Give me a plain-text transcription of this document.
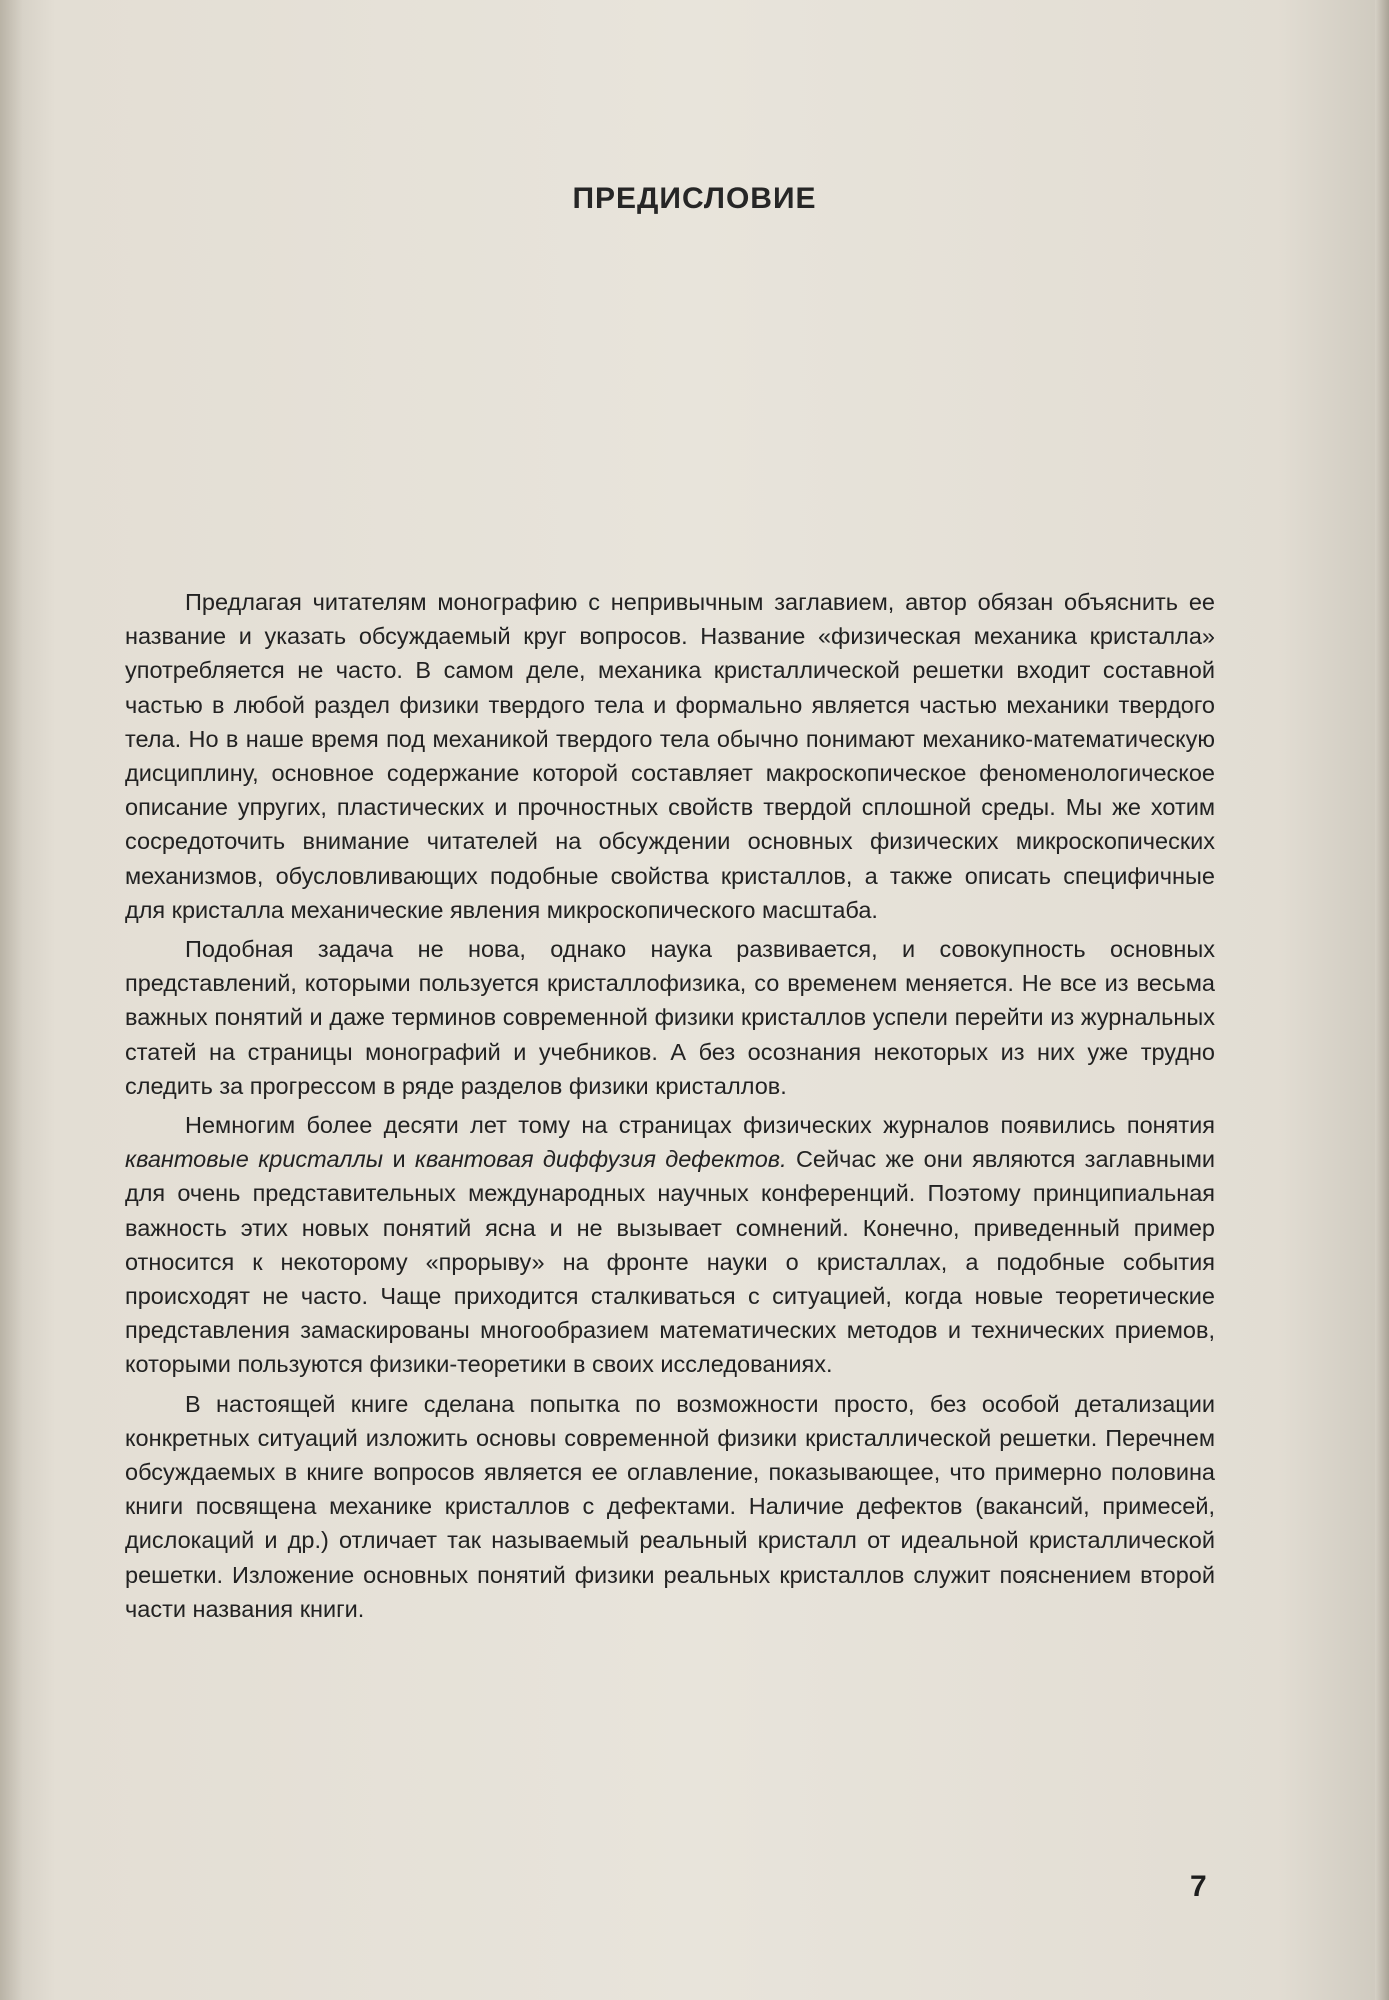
ПРЕДИСЛОВИЕ

Предлагая читателям монографию с непривычным заглавием, автор обязан объяснить ее название и указать обсуждаемый круг вопросов. Название «физическая механика кристалла» употребляется не часто. В самом деле, механика кристаллической решетки входит составной частью в любой раздел физики твердого тела и формально является частью механики твердого тела. Но в наше время под механикой твердого тела обычно понимают механико-математическую дисциплину, основное содержание которой составляет макроскопическое феноменологическое описание упругих, пластических и прочностных свойств твердой сплошной среды. Мы же хотим сосредоточить внимание читателей на обсуждении основных физических микроскопических механизмов, обусловливающих подобные свойства кристаллов, а также описать специфичные для кристалла механические явления микроскопического масштаба.

Подобная задача не нова, однако наука развивается, и совокупность основных представлений, которыми пользуется кристаллофизика, со временем меняется. Не все из весьма важных понятий и даже терминов современной физики кристаллов успели перейти из журнальных статей на страницы монографий и учебников. А без осознания некоторых из них уже трудно следить за прогрессом в ряде разделов физики кристаллов.

Немногим более десяти лет тому на страницах физических журналов появились понятия квантовые кристаллы и квантовая диффузия дефектов. Сейчас же они являются заглавными для очень представительных международных научных конференций. Поэтому принципиальная важность этих новых понятий ясна и не вызывает сомнений. Конечно, приведенный пример относится к некоторому «прорыву» на фронте науки о кристаллах, а подобные события происходят не часто. Чаще приходится сталкиваться с ситуацией, когда новые теоретические представления замаскированы многообразием математических методов и технических приемов, которыми пользуются физики-теоретики в своих исследованиях.

В настоящей книге сделана попытка по возможности просто, без особой детализации конкретных ситуаций изложить основы современной физики кристаллической решетки. Перечнем обсуждаемых в книге вопросов является ее оглавление, показывающее, что примерно половина книги посвящена механике кристаллов с дефектами. Наличие дефектов (вакансий, примесей, дислокаций и др.) отличает так называемый реальный кристалл от идеальной кристаллической решетки. Изложение основных понятий физики реальных кристаллов служит пояснением второй части названия книги.

7
